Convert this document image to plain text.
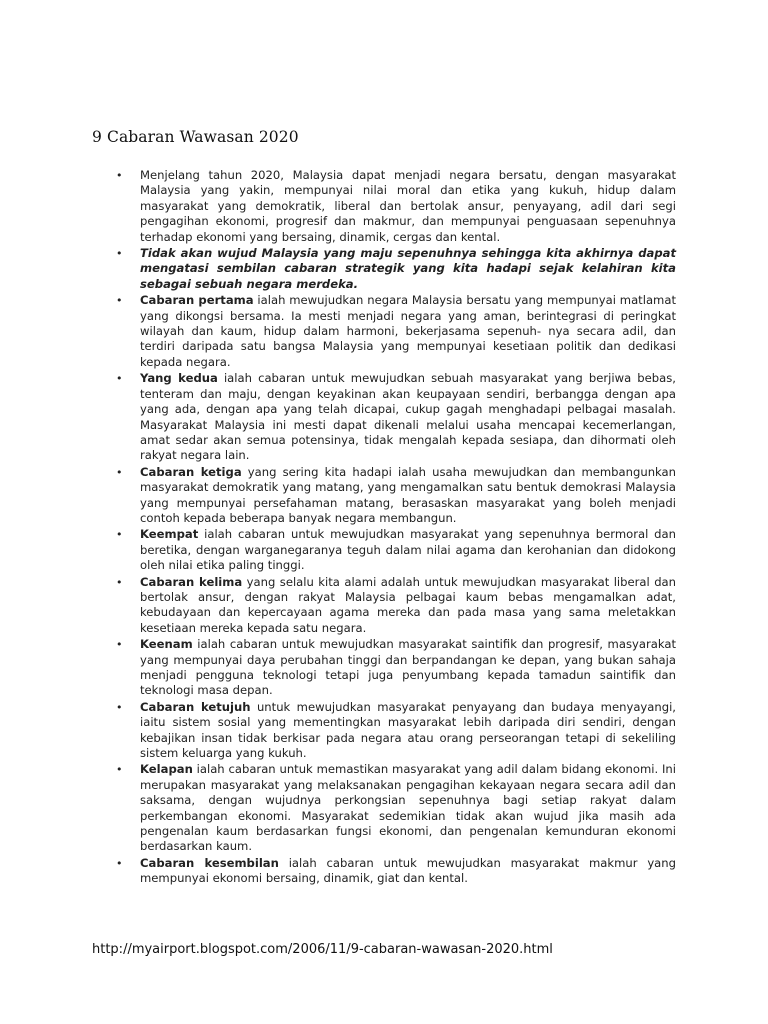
9 Cabaran Wawasan 2020
• Menjelang tahun 2020, Malaysia dapat menjadi negara bersatu, dengan masyarakat Malaysia yang yakin, mempunyai nilai moral dan etika yang kukuh, hidup dalam masyarakat yang demokratik, liberal dan bertolak ansur, penyayang, adil dari segi pengagihan ekonomi, progresif dan makmur, dan mempunyai penguasaan sepenuhnya terhadap ekonomi yang bersaing, dinamik, cergas dan kental.
• Tidak akan wujud Malaysia yang maju sepenuhnya sehingga kita akhirnya dapat mengatasi sembilan cabaran strategik yang kita hadapi sejak kelahiran kita sebagai sebuah negara merdeka.
• Cabaran pertama ialah mewujudkan negara Malaysia bersatu yang mempunyai matlamat yang dikongsi bersama. Ia mesti menjadi negara yang aman, berintegrasi di peringkat wilayah dan kaum, hidup dalam harmoni, bekerjasama sepenuh- nya secara adil, dan terdiri daripada satu bangsa Malaysia yang mempunyai kesetiaan politik dan dedikasi kepada negara.
• Yang kedua ialah cabaran untuk mewujudkan sebuah masyarakat yang berjiwa bebas, tenteram dan maju, dengan keyakinan akan keupayaan sendiri, berbangga dengan apa yang ada, dengan apa yang telah dicapai, cukup gagah menghadapi pelbagai masalah. Masyarakat Malaysia ini mesti dapat dikenali melalui usaha mencapai kecemerlangan, amat sedar akan semua potensinya, tidak mengalah kepada sesiapa, dan dihormati oleh rakyat negara lain.
• Cabaran ketiga yang sering kita hadapi ialah usaha mewujudkan dan membangunkan masyarakat demokratik yang matang, yang mengamalkan satu bentuk demokrasi Malaysia yang mempunyai persefahaman matang, berasaskan masyarakat yang boleh menjadi contoh kepada beberapa banyak negara membangun.
• Keempat ialah cabaran untuk mewujudkan masyarakat yang sepenuhnya bermoral dan beretika, dengan warganegaranya teguh dalam nilai agama dan kerohanian dan didokong oleh nilai etika paling tinggi.
• Cabaran kelima yang selalu kita alami adalah untuk mewujudkan masyarakat liberal dan bertolak ansur, dengan rakyat Malaysia pelbagai kaum bebas mengamalkan adat, kebudayaan dan kepercayaan agama mereka dan pada masa yang sama meletakkan kesetiaan mereka kepada satu negara.
• Keenam ialah cabaran untuk mewujudkan masyarakat saintifik dan progresif, masyarakat yang mempunyai daya perubahan tinggi dan berpandangan ke depan, yang bukan sahaja menjadi pengguna teknologi tetapi juga penyumbang kepada tamadun saintifik dan teknologi masa depan.
• Cabaran ketujuh untuk mewujudkan masyarakat penyayang dan budaya menyayangi, iaitu sistem sosial yang mementingkan masyarakat lebih daripada diri sendiri, dengan kebajikan insan tidak berkisar pada negara atau orang perseorangan tetapi di sekeliling sistem keluarga yang kukuh.
• Kelapan ialah cabaran untuk memastikan masyarakat yang adil dalam bidang ekonomi. Ini merupakan masyarakat yang melaksanakan pengagihan kekayaan negara secara adil dan saksama, dengan wujudnya perkongsian sepenuhnya bagi setiap rakyat dalam perkembangan ekonomi. Masyarakat sedemikian tidak akan wujud jika masih ada pengenalan kaum berdasarkan fungsi ekonomi, dan pengenalan kemunduran ekonomi berdasarkan kaum.
• Cabaran kesembilan ialah cabaran untuk mewujudkan masyarakat makmur yang mempunyai ekonomi bersaing, dinamik, giat dan kental.
http://myairport.blogspot.com/2006/11/9-cabaran-wawasan-2020.html
